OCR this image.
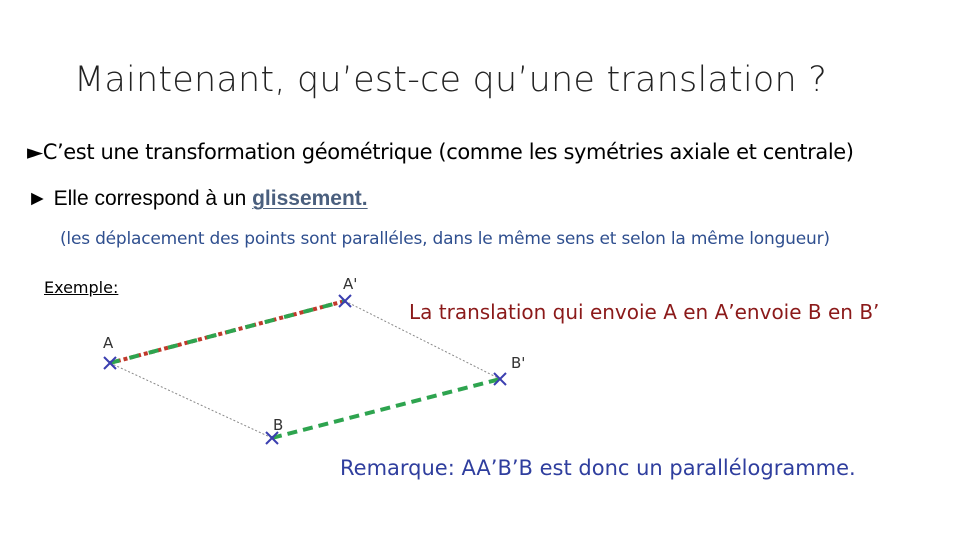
Maintenant, qu’est-ce qu’une translation ?
►C’est une transformation géométrique (comme les symétries axiale et centrale)
► Elle correspond à un glissement.
(les déplacement des points sont paralléles, dans le même sens et selon la même longueur)
Exemple:
A
A'
B
B'
La translation qui envoie A en A’envoie B en B’
Remarque: AA’B’B est donc un parallélogramme.
